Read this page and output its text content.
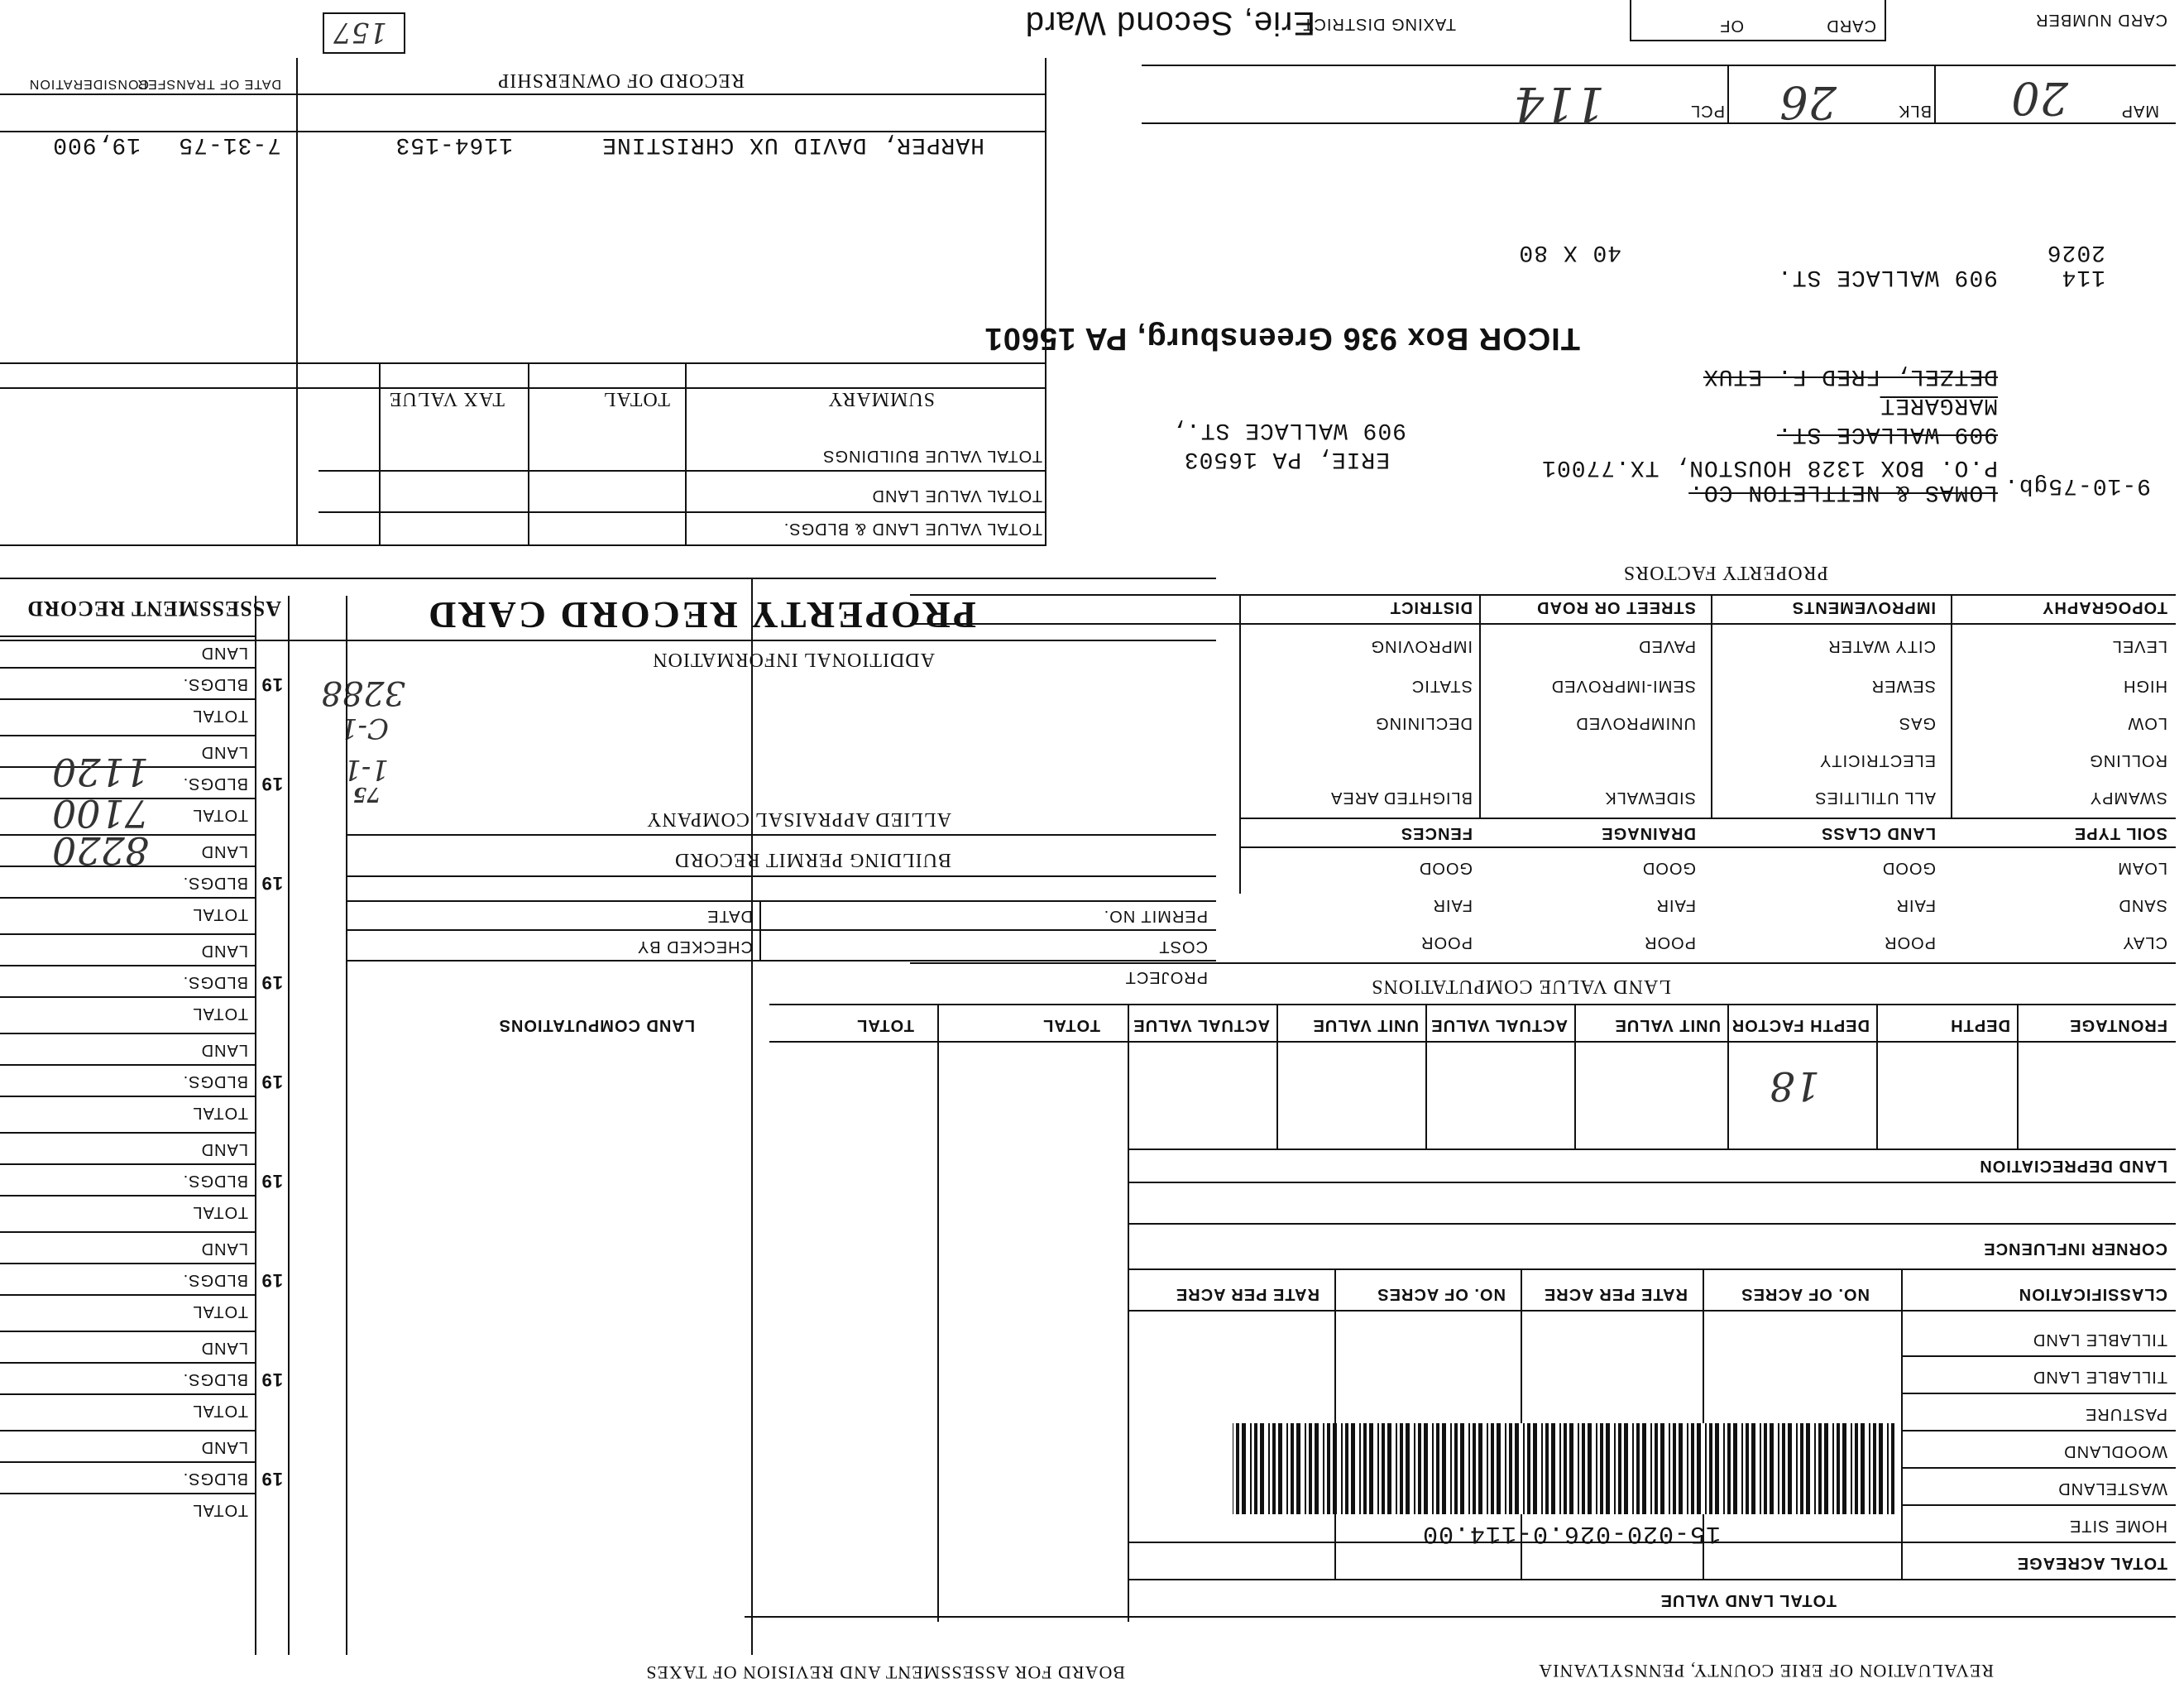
BOARD FOR ASSESSMENT AND REVISION OF TAXES	REVALUATION OF ERIE COUNTY, PENNSYLVANIA
CARD NUMBER
CARD
OF
TAXING DISTRICT
Erie, Second Ward
157
MAP
20
BLK
26
PCL
114
9-10-75gb.
P.O. BOX 1328 HOUSTON, TX.77001
LOMAS & NETTLETON CO.
909 WALLACE ST.
MARGARET
DETZEL, FRED F. ETUX
909 WALLACE ST.,
ERIE, PA 16503
TICOR Box 936 Greensburg, PA 15601
114
909 WALLACE ST.
2026
40 X 80
RECORD OF OWNERSHIP
DATE OF TRANSFER
CONSIDERATION
HARPER, DAVID UX CHRISTINE
1164-153
7-31-75
19,900
TOTAL VALUE LAND
TOTAL VALUE BUILDINGS
TOTAL VALUE LAND & BLDGS.
SUMMARY
TOTAL
TAX VALUE
PROPERTY FACTORS
TOPOGRAPHY
IMPROVEMENTS
STREET OR ROAD
DISTRICT
LEVEL
HIGH
LOW
ROLLING
SWAMPY
CITY WATER
SEWER
GAS
ELECTRICITY
ALL UTILITIES
PAVED
SEMI-IMPROVED
UNIMPROVED
SIDEWALK
IMPROVING
STATIC
DECLINING
BLIGHTED AREA
SOIL TYPE
LAND CLASS
DRAINAGE
FENCES
LOAM
SAND
CLAY
GOOD
FAIR
POOR
GOOD
FAIR
POOR
GOOD
FAIR
POOR
LAND VALUE COMPUTATIONS
FRONTAGE
DEPTH
DEPTH FACTOR
UNIT VALUE
ACTUAL VALUE
UNIT VALUE
ACTUAL VALUE
TOTAL
TOTAL
18
LAND DEPRECIATION
CORNER INFLUENCE
CLASSIFICATION
NO. OF ACRES
RATE PER ACRE
NO. OF ACRES
RATE PER ACRE
TILLABLE LAND
TILLABLE LAND
PASTURE
WOODLAND
WASTELAND
HOME SITE
TOTAL ACREAGE
TOTAL LAND VALUE
15-020-026.0-114.00
PROPERTY RECORD CARD
ADDITIONAL INFORMATION
3288
C-1
1-1
ALLIED APPRAISAL COMPANY
BUILDING PERMIT RECORD
PERMIT NO.
DATE
COST
CHECKED BY
PROJECT
LAND COMPUTATIONS
ASSESSMENT RECORD
LAND
BLDGS.
TOTAL
19
LAND
BLDGS.
TOTAL
19
LAND
BLDGS.
TOTAL
19
LAND
BLDGS.
TOTAL
19
LAND
BLDGS.
TOTAL
19
LAND
BLDGS.
TOTAL
19
LAND
BLDGS.
TOTAL
19
LAND
BLDGS.
TOTAL
19
LAND
BLDGS.
TOTAL
19
75
1120
7100
8220
